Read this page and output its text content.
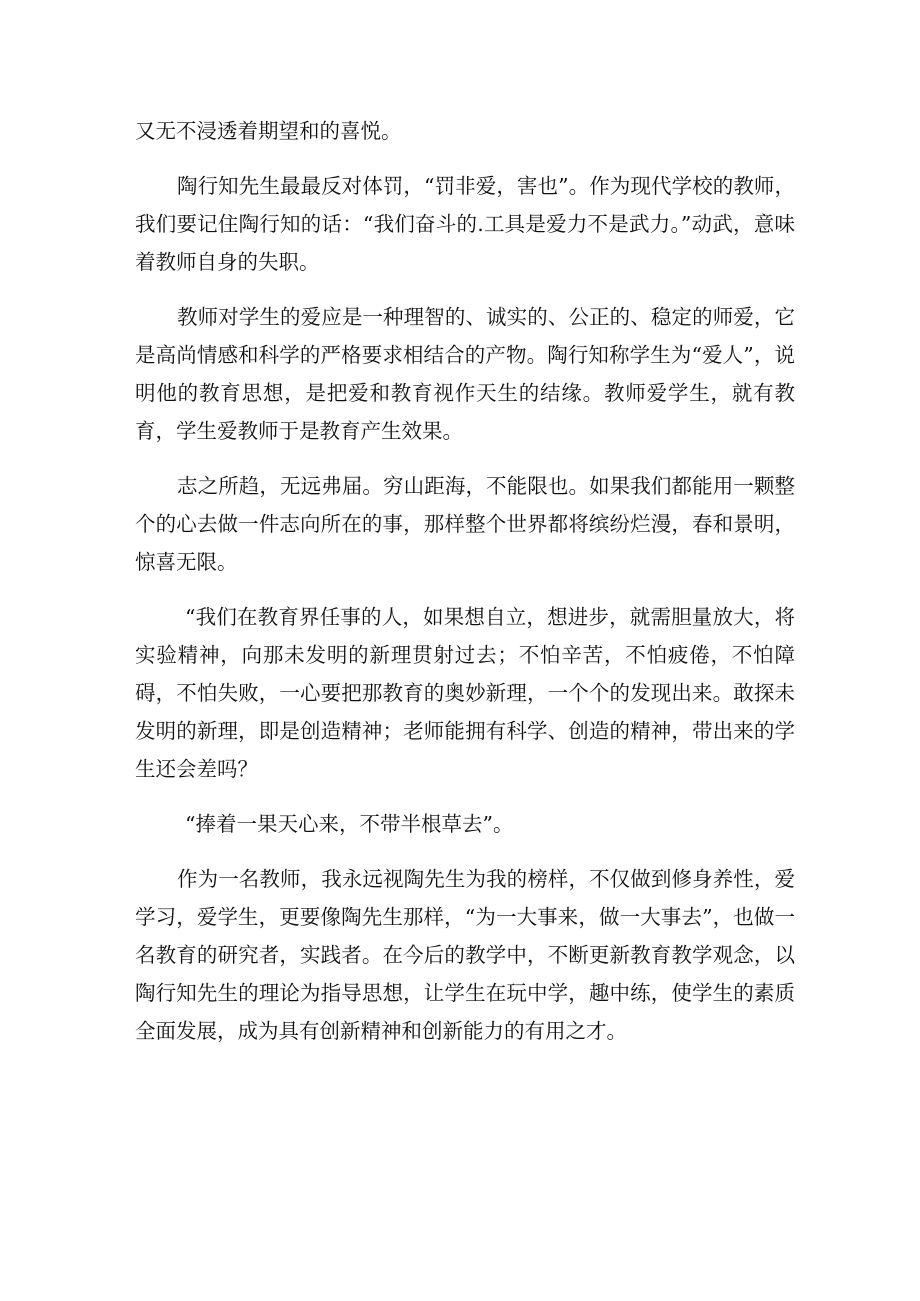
又无不浸透着期望和的喜悦。

陶行知先生最最反对体罚，“罚非爱，害也”。作为现代学校的教师，我们要记住陶行知的话：“我们奋斗的.工具是爱力不是武力。”动武，意味着教师自身的失职。

教师对学生的爱应是一种理智的、诚实的、公正的、稳定的师爱，它是高尚情感和科学的严格要求相结合的产物。陶行知称学生为“爱人”，说明他的教育思想，是把爱和教育视作天生的结缘。教师爱学生，就有教育，学生爱教师于是教育产生效果。

志之所趋，无远弗届。穷山距海，不能限也。如果我们都能用一颗整个的心去做一件志向所在的事，那样整个世界都将缤纷烂漫，春和景明，惊喜无限。

“我们在教育界任事的人，如果想自立，想进步，就需胆量放大，将实验精神，向那未发明的新理贯射过去；不怕辛苦，不怕疲倦，不怕障碍，不怕失败，一心要把那教育的奥妙新理，一个个的发现出来。敢探未发明的新理，即是创造精神；老师能拥有科学、创造的精神，带出来的学生还会差吗？

“捧着一果天心来，不带半根草去”。

作为一名教师，我永远视陶先生为我的榜样，不仅做到修身养性，爱学习，爱学生，更要像陶先生那样，“为一大事来，做一大事去”，也做一名教育的研究者，实践者。在今后的教学中，不断更新教育教学观念，以陶行知先生的理论为指导思想，让学生在玩中学，趣中练，使学生的素质全面发展，成为具有创新精神和创新能力的有用之才。
